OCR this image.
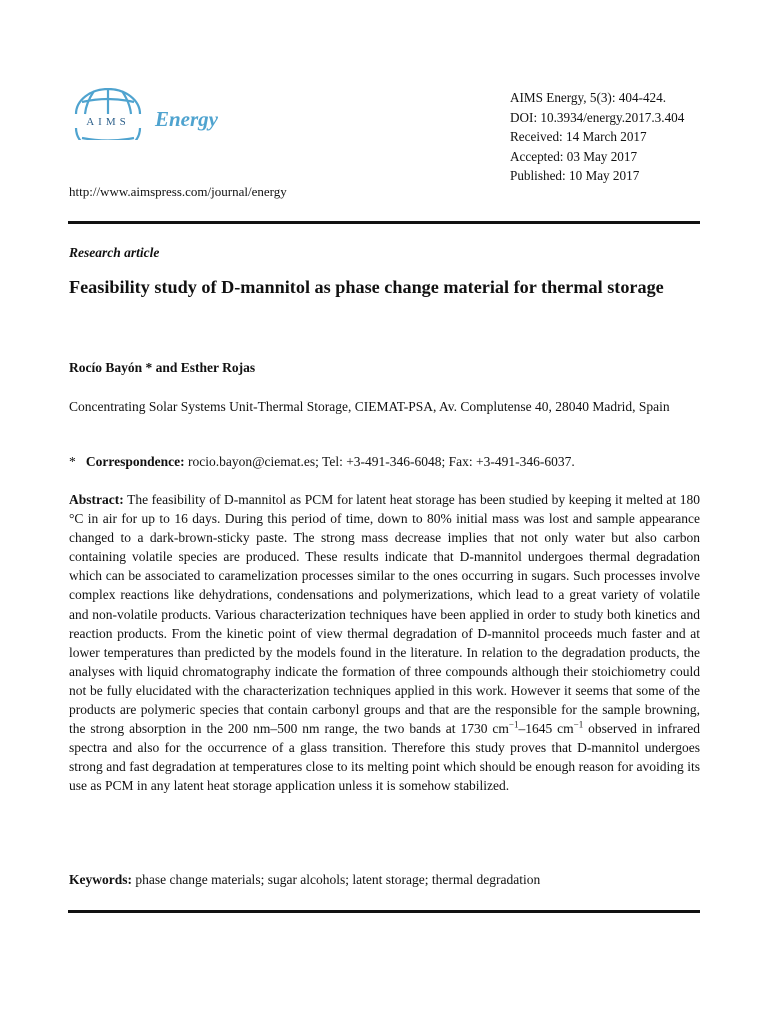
AIMS Energy
AIMS Energy, 5(3): 404-424.
DOI: 10.3934/energy.2017.3.404
Received: 14 March 2017
Accepted: 03 May 2017
Published: 10 May 2017
http://www.aimspress.com/journal/energy
Research article
Feasibility study of D-mannitol as phase change material for thermal storage
Rocío Bayón * and Esther Rojas
Concentrating Solar Systems Unit-Thermal Storage, CIEMAT-PSA, Av. Complutense 40, 28040 Madrid, Spain
* Correspondence: rocio.bayon@ciemat.es; Tel: +3-491-346-6048; Fax: +3-491-346-6037.
Abstract: The feasibility of D-mannitol as PCM for latent heat storage has been studied by keeping it melted at 180 °C in air for up to 16 days. During this period of time, down to 80% initial mass was lost and sample appearance changed to a dark-brown-sticky paste. The strong mass decrease implies that not only water but also carbon containing volatile species are produced. These results indicate that D-mannitol undergoes thermal degradation which can be associated to caramelization processes similar to the ones occurring in sugars. Such processes involve complex reactions like dehydrations, condensations and polymerizations, which lead to a great variety of volatile and non-volatile products. Various characterization techniques have been applied in order to study both kinetics and reaction products. From the kinetic point of view thermal degradation of D-mannitol proceeds much faster and at lower temperatures than predicted by the models found in the literature. In relation to the degradation products, the analyses with liquid chromatography indicate the formation of three compounds although their stoichiometry could not be fully elucidated with the characterization techniques applied in this work. However it seems that some of the products are polymeric species that contain carbonyl groups and that are the responsible for the sample browning, the strong absorption in the 200 nm–500 nm range, the two bands at 1730 $cm^{-1}-1645$ $cm^{-1}$ observed in infrared spectra and also for the occurrence of a glass transition. Therefore this study proves that D-mannitol undergoes strong and fast degradation at temperatures close to its melting point which should be enough reason for avoiding its use as PCM in any latent heat storage application unless it is somehow stabilized.
Keywords: phase change materials; sugar alcohols; latent storage; thermal degradation
